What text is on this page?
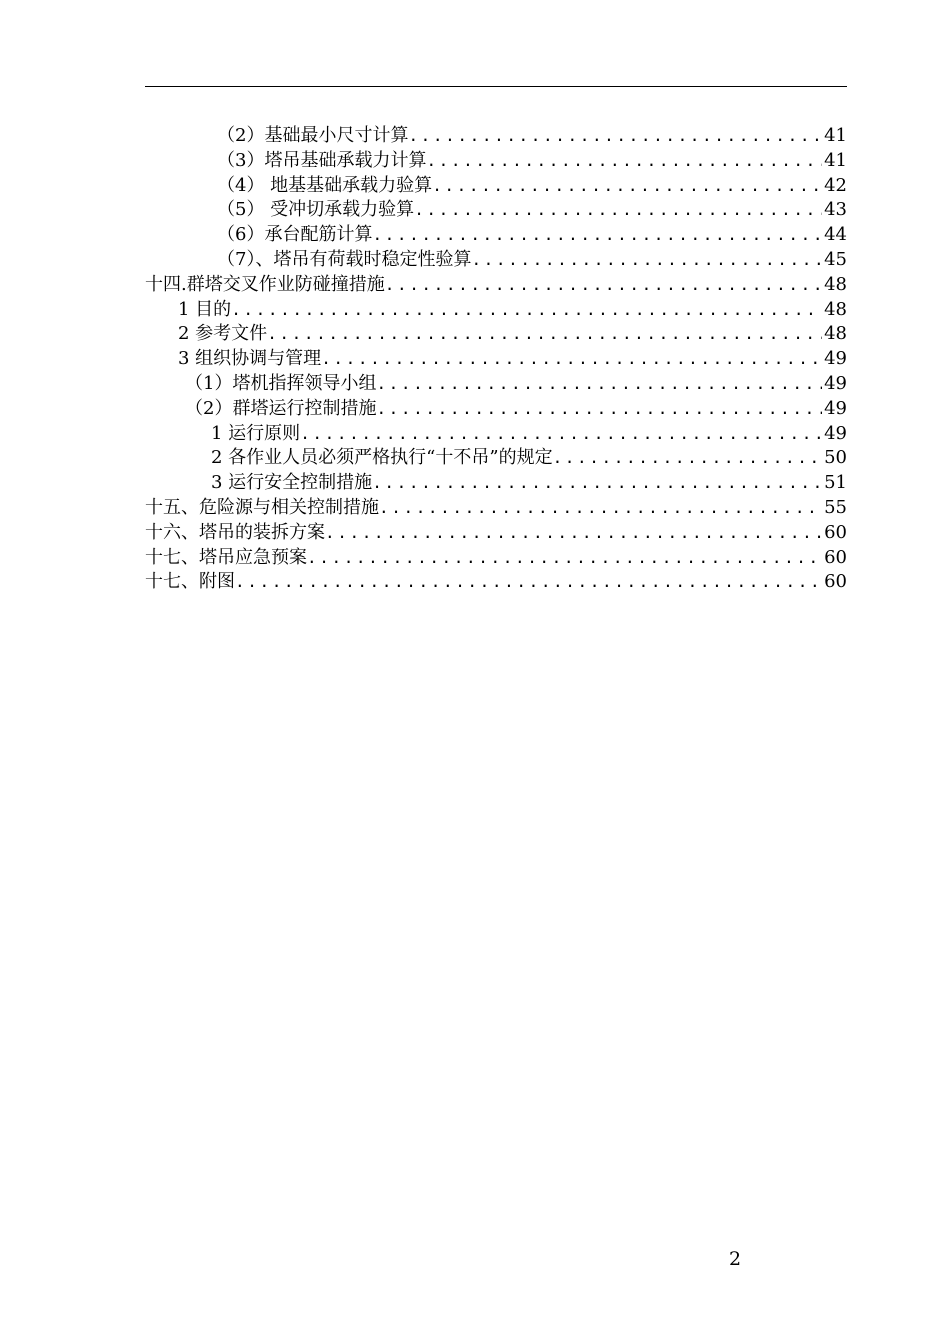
（2）基础最小尺寸计算 .....	41
（3）塔吊基础承载力计算 .....	41
（4） 地基基础承载力验算 .....	42
（5） 受冲切承载力验算 .....	43
（6）承台配筋计算 .....	44
（7）、塔吊有荷载时稳定性验算 .....	45
十四.群塔交叉作业防碰撞措施 .....	48
1 目的 .....	48
2 参考文件 .....	48
3 组织协调与管理 .....	49
（1）塔机指挥领导小组 .....	49
（2）群塔运行控制措施 .....	49
1 运行原则 .....	49
2 各作业人员必须严格执行“十不吊”的规定 .....	50
3 运行安全控制措施 .....	51
十五、危险源与相关控制措施 .....	55
十六、塔吊的装拆方案 .....	60
十七、塔吊应急预案 .....	60
十七、附图 .....	60
2
